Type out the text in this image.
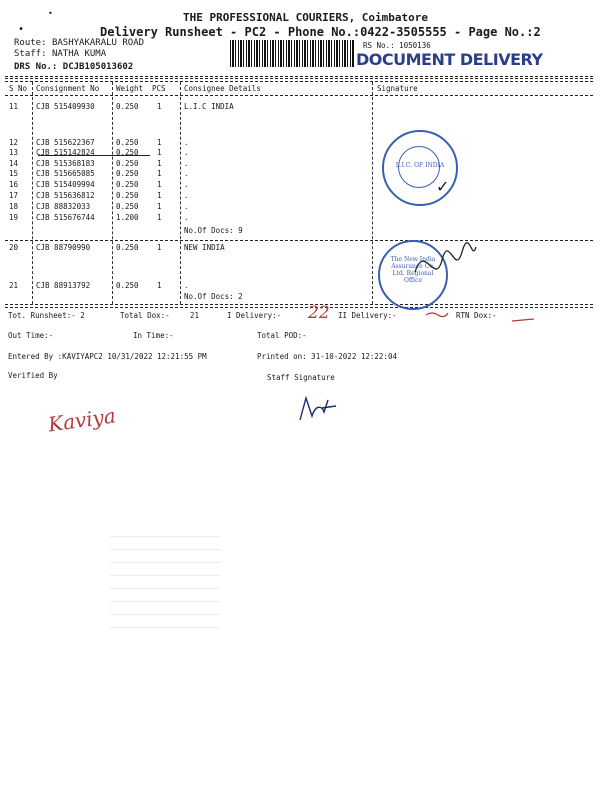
•
•	THE PROFESSIONAL COURIERS, Coimbatore
Delivery Runsheet - PC2 - Phone No.:0422-3505555 - Page No.:2
Route: BASHYAKARALU ROAD
Staff: NATHA KUMA
DRS No.: DCJB105013602
RS No.: 1050136
DOCUMENT DELIVERY
S No Consignment No Weight PCS Consignee Details	Signature
11 CJB 515409930	0.250 1	L.I.C INDIA
12 CJB 515622367	0.250 1	.
13 CJB 515142824	0.250 1	.
14 CJB 515368183	0.250 1	.
15 CJB 515665085	0.250 1	.
16 CJB 515409994	0.250 1	.
17 CJB 515636812	0.250 1	.
18 CJB 88832033	0.250 1	.
19 CJB 515676744	1.200 1	.
20 CJB 88790990	0.250 1	NEW INDIA
21 CJB 88913792	0.250 1	.
No.Of Docs: 9
No.Of Docs: 2
L.I.C. OF INDIA
✓
The New India Assurance Co. Ltd. Regional Office
Tot. Runsheet:- 2	Total Dox:-	21	I Delivery:- 22 II Delivery:-	RTN Dox:-
Out Time:-	In Time:-	Total POD:-
Entered By :KAVIYAPC2 10/31/2022 12:21:55 PM	Printed on: 31-10-2022 12:22:04
Verified By	Staff Signature
Kaviya
